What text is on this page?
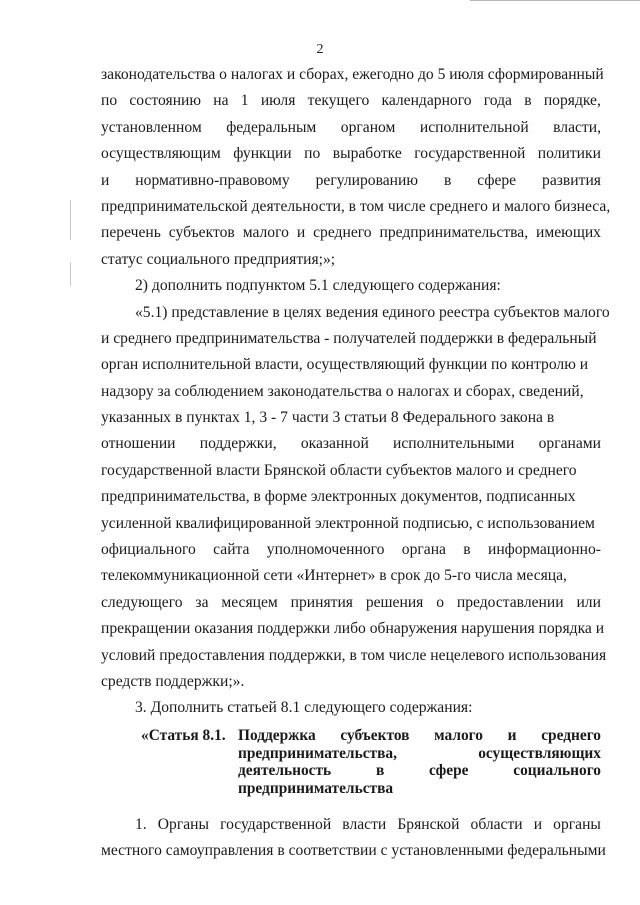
2
законодательства о налогах и сборах, ежегодно до 5 июля сформированный
по состоянию на 1 июля текущего календарного года в порядке,
установленном федеральным органом исполнительной власти,
осуществляющим функции по выработке государственной политики
и нормативно-правовому регулированию в сфере развития
предпринимательской деятельности, в том числе среднего и малого бизнеса,
перечень субъектов малого и среднего предпринимательства, имеющих
статус социального предприятия;»;
2) дополнить подпунктом 5.1 следующего содержания:
«5.1) представление в целях ведения единого реестра субъектов малого
и среднего предпринимательства - получателей поддержки в федеральный
орган исполнительной власти, осуществляющий функции по контролю и
надзору за соблюдением законодательства о налогах и сборах, сведений,
указанных в пунктах 1, 3 - 7 части 3 статьи 8 Федерального закона в
отношении поддержки, оказанной исполнительными органами
государственной власти Брянской области субъектов малого и среднего
предпринимательства, в форме электронных документов, подписанных
усиленной квалифицированной электронной подписью, с использованием
официального сайта уполномоченного органа в информационно-
телекоммуникационной сети «Интернет» в срок до 5-го числа месяца,
следующего за месяцем принятия решения о предоставлении или
прекращении оказания поддержки либо обнаружения нарушения порядка и
условий предоставления поддержки, в том числе нецелевого использования
средств поддержки;».
3. Дополнить статьей 8.1 следующего содержания:
«Статья 8.1. Поддержка субъектов малого и среднего
предпринимательства,	осуществляющих
деятельность	в	сфере	социального
предпринимательства
1. Органы государственной власти Брянской области и органы
местного самоуправления в соответствии с установленными федеральными
